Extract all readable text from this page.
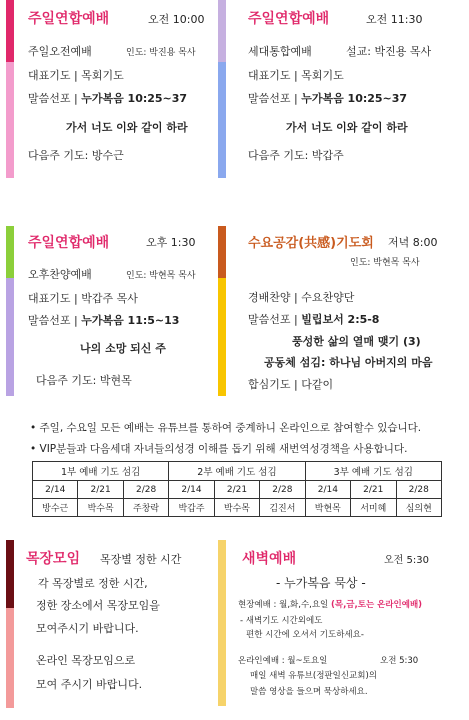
주일연합예배	오전 10:00
주일오전예배	인도: 박진용 목사
대표기도 | 목회기도
말씀선포 | 누가복음 10:25~37
가서 너도 이와 같이 하라
다음주 기도: 방수근
주일연합예배	오전 11:30
세대통합예배	설교: 박진용 목사
대표기도 | 목회기도
말씀선포 | 누가복음 10:25~37
가서 너도 이와 같이 하라
다음주 기도: 박갑주
주일연합예배	오후 1:30
오후찬양예배	인도: 박현목 목사
대표기도 | 박갑주 목사
말씀선포 | 누가복음 11:5~13
나의 소망 되신 주
다음주 기도: 박현목
수요공감(共感)기도회 저녁 8:00
인도: 박현목 목사
경배찬양 | 수요찬양단
말씀선포 | 빌립보서 2:5-8
풍성한 삶의 열매 맺기 (3)
공동체 섬김: 하나님 아버지의 마음
합심기도 | 다같이
• 주일, 수요일 모든 예배는 유튜브를 통하여 중계하니 온라인으로 참여할수 있습니다.
• VIP분들과 다음세대 자녀들의성경 이해를 돕기 위해 새번역성경책을 사용합니다.
1부 예배 기도 섬김			2부 예배 기도 섬김			3부 예배 기도 섬김		
2/14	2/21	2/28	2/14	2/21	2/28	2/14	2/21	2/28
방수근	박수목	주창락	박갑주	박수목	김진서	박현목	서미혜	심의현
목장모임 목장별 정한 시간
각 목장별로 정한 시간,
정한 장소에서 목장모임을
모여주시기 바랍니다.
온라인 목장모임으로
모여 주시기 바랍니다.
새벽예배	오전 5:30
- 누가복음 묵상 -
현장예배 : 월,화,수,요일 (목,금,토는 온라인예배)
- 새벽기도 시간외에도
편한 시간에 오셔서 기도하세요-
온라인예배 : 월~토요일	오전 5:30
매일 새벽 유튜브(정판일신교회)의
말씀 영상을 들으며 묵상하세요.
